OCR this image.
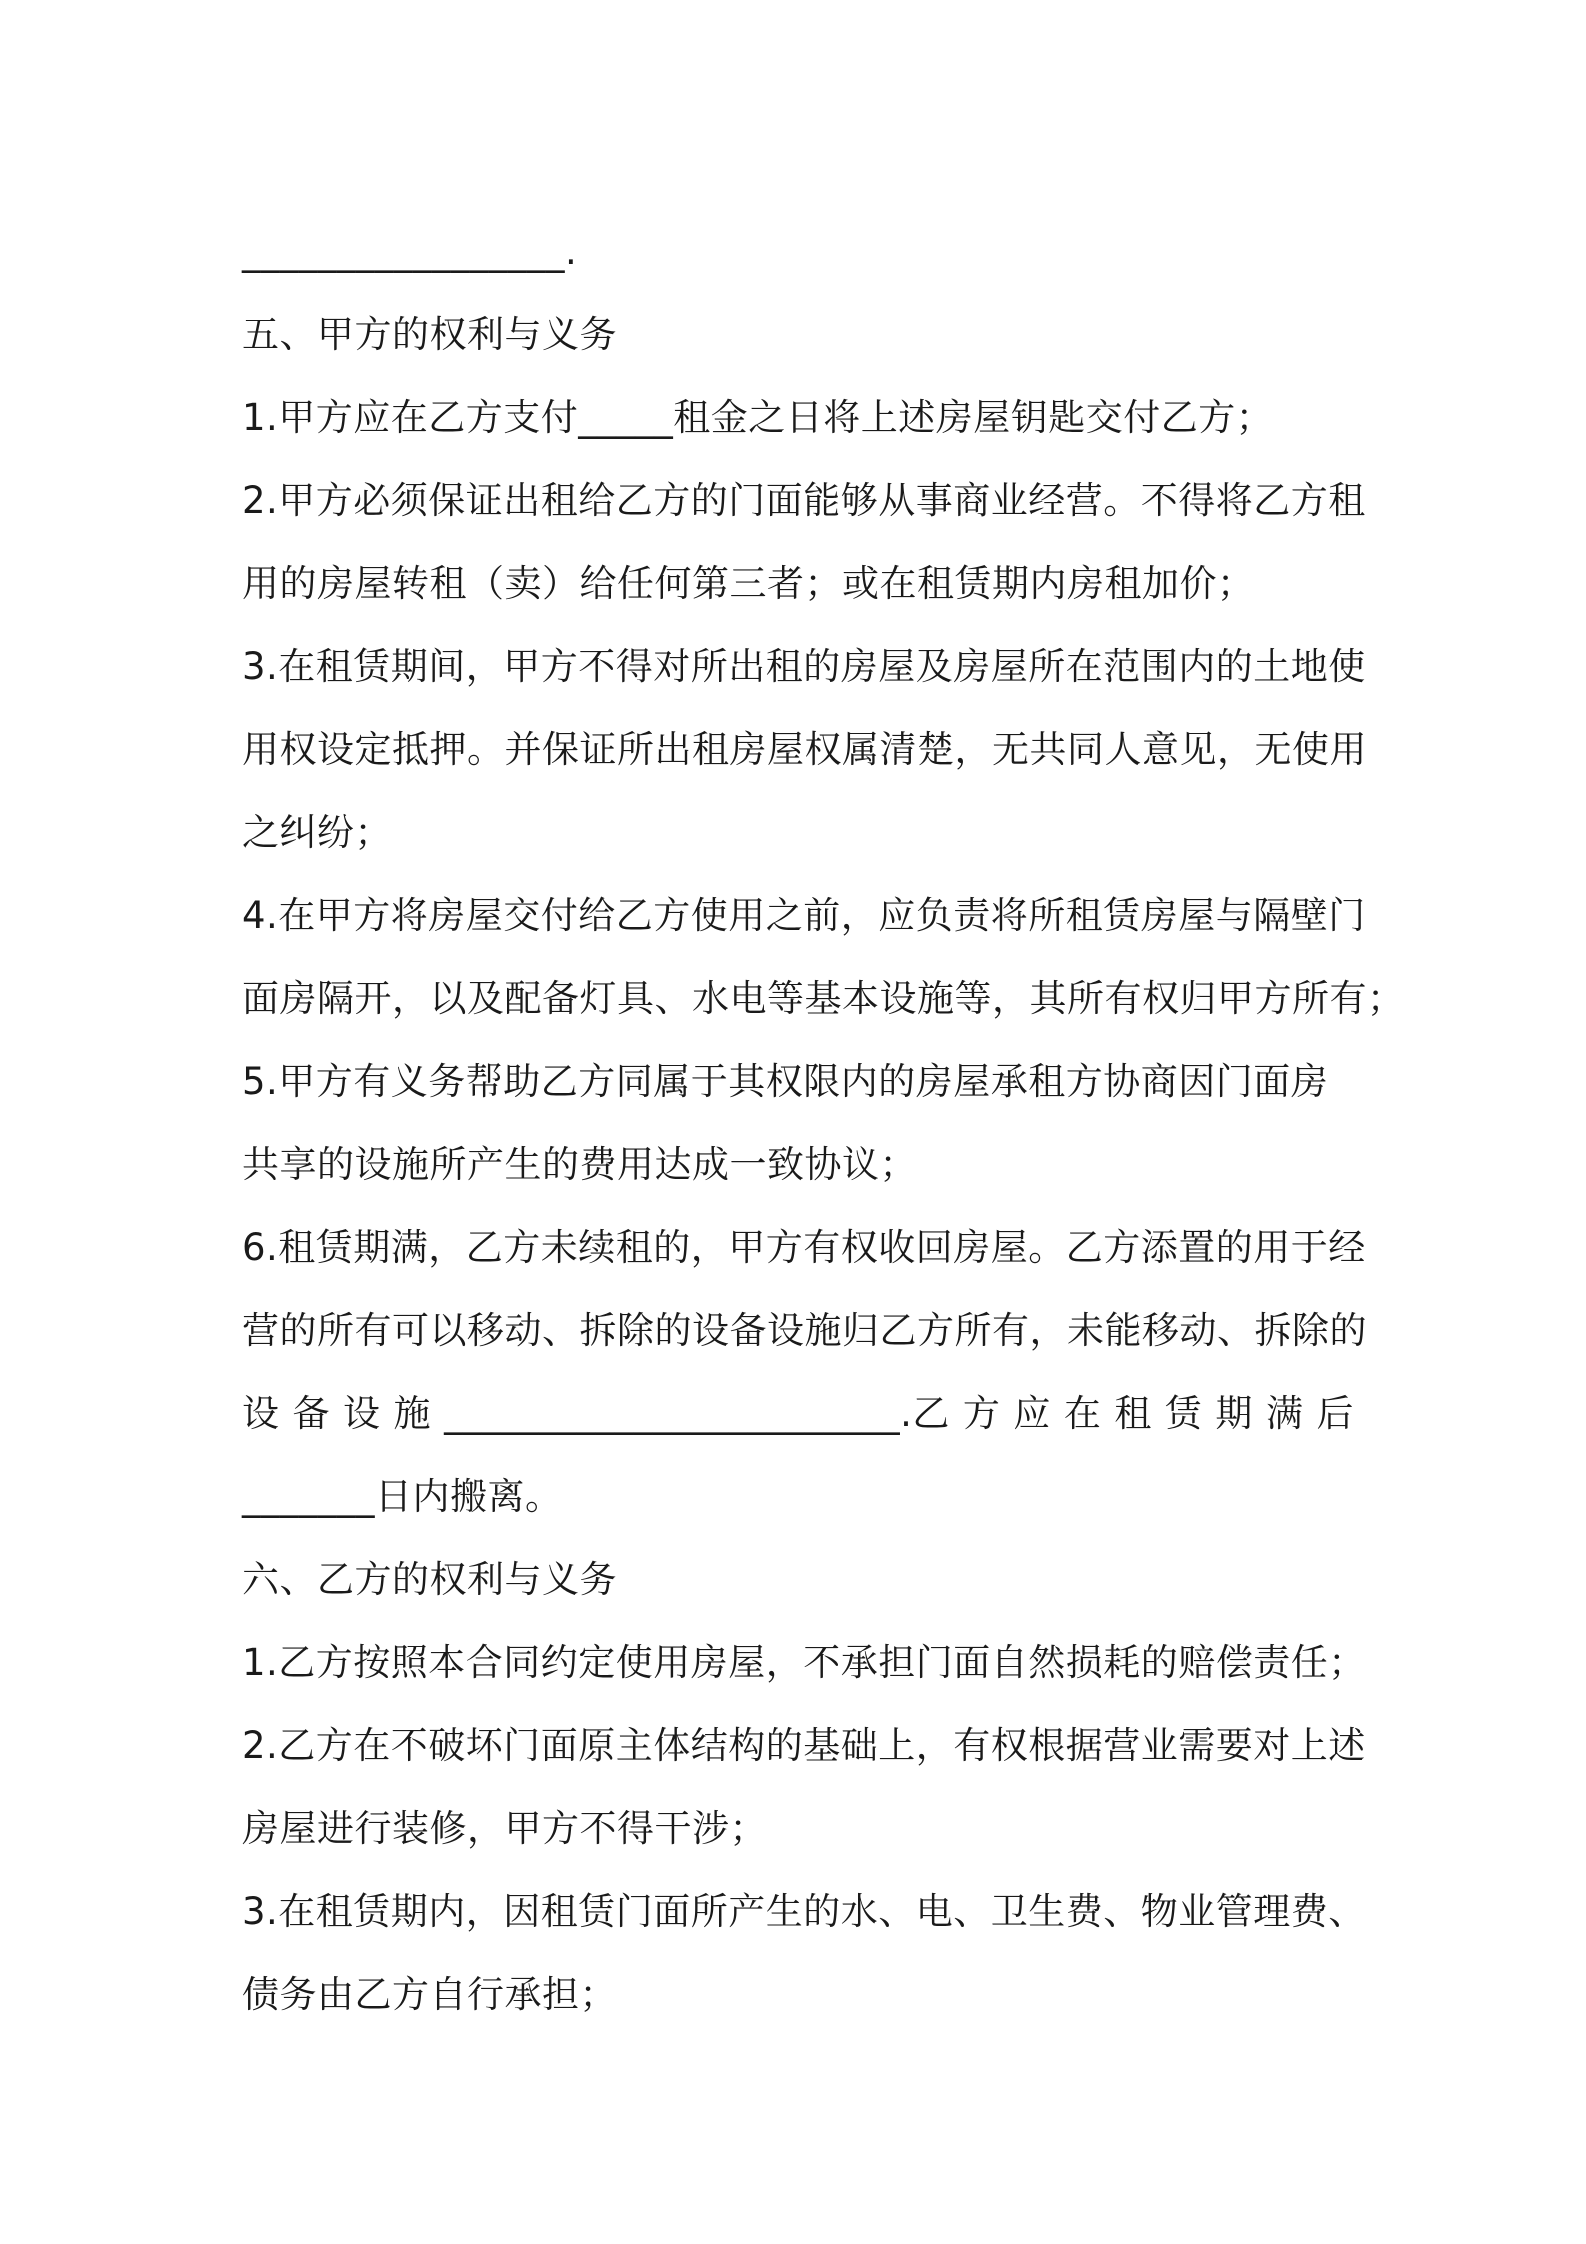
_________________.
五、甲方的权利与义务
1.甲方应在乙方支付_____租金之日将上述房屋钥匙交付乙方；
2.甲方必须保证出租给乙方的门面能够从事商业经营。不得将乙方租
用的房屋转租（卖）给任何第三者；或在租赁期内房租加价；
3.在租赁期间，甲方不得对所出租的房屋及房屋所在范围内的土地使
用权设定抵押。并保证所出租房屋权属清楚，无共同人意见，无使用
之纠纷；
4.在甲方将房屋交付给乙方使用之前，应负责将所租赁房屋与隔壁门
面房隔开，以及配备灯具、水电等基本设施等，其所有权归甲方所有；
5.甲方有义务帮助乙方同属于其权限内的房屋承租方协商因门面房
共享的设施所产生的费用达成一致协议；
6.租赁期满，乙方未续租的，甲方有权收回房屋。乙方添置的用于经
营的所有可以移动、拆除的设备设施归乙方所有，未能移动、拆除的
设 备 设 施 ________________________.乙 方 应 在 租 赁 期 满 后
_______日内搬离。
六、乙方的权利与义务
1.乙方按照本合同约定使用房屋，不承担门面自然损耗的赔偿责任；
2.乙方在不破坏门面原主体结构的基础上，有权根据营业需要对上述
房屋进行装修，甲方不得干涉；
3.在租赁期内，因租赁门面所产生的水、电、卫生费、物业管理费、
债务由乙方自行承担；
